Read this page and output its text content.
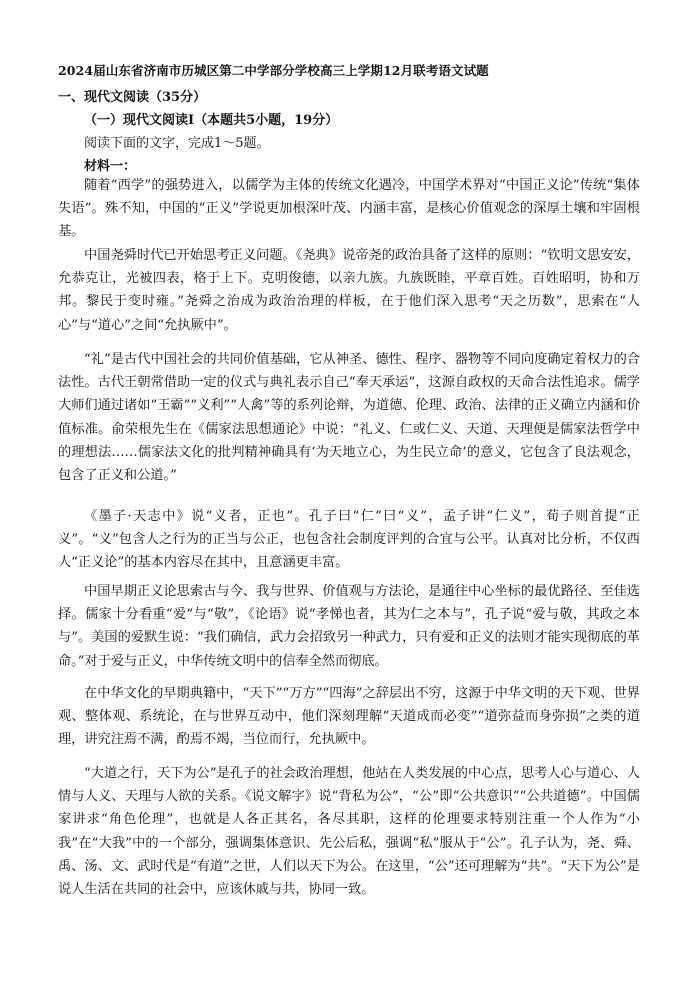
2024届山东省济南市历城区第二中学部分学校高三上学期12月联考语文试题
一、现代文阅读（35分）
（一）现代文阅读Ⅰ（本题共5小题，19分）
阅读下面的文字，完成1～5题。
材料一：

随着“西学”的强势进入，以儒学为主体的传统文化遇冷，中国学术界对“中国正义论”传统“集体失语”。殊不知，中国的“正义”学说更加根深叶茂、内涵丰富，是核心价值观念的深厚土壤和牢固根基。

中国尧舜时代已开始思考正义问题。《尧典》说帝尧的政治具备了这样的原则：“钦明文思安安，允恭克让，光被四表，格于上下。克明俊德，以亲九族。九族既睦，平章百姓。百姓昭明，协和万邦。黎民于变时雍。”尧舜之治成为政治治理的样板，在于他们深入思考“天之历数”，思索在“人心”与“道心”之间“允执厥中”。

“礼”是古代中国社会的共同价值基础，它从神圣、德性、程序、器物等不同向度确定着权力的合法性。古代王朝常借助一定的仪式与典礼表示自己“奉天承运”，这源自政权的天命合法性追求。儒学大师们通过诸如“王霸”“义利”“人禽”等的系列论辩，为道德、伦理、政治、法律的正义确立内涵和价值标准。俞荣根先生在《儒家法思想通论》中说：“礼义、仁或仁义、天道、天理便是儒家法哲学中的理想法……儒家法文化的批判精神确具有‘为天地立心，为生民立命’的意义，它包含了良法观念，包含了正义和公道。”

《墨子·天志中》说“义者，正也”。孔子曰“仁”曰“义”，孟子讲“仁义”，荀子则首提“正义”。“义”包含人之行为的正当与公正，也包含社会制度评判的合宜与公平。认真对比分析，不仅西人“正义论”的基本内容尽在其中，且意涵更丰富。

中国早期正义论思索古与今、我与世界、价值观与方法论，是通往中心坐标的最优路径、至佳选择。儒家十分看重“爱”与“敬”，《论语》说“孝悌也者，其为仁之本与”，孔子说“爱与敬，其政之本与”。美国的爱默生说：“我们确信，武力会招致另一种武力，只有爱和正义的法则才能实现彻底的革命。”对于爱与正义，中华传统文明中的信奉全然而彻底。

在中华文化的早期典籍中，“天下”“万方”“四海”之辞层出不穷，这源于中华文明的天下观、世界观、整体观、系统论，在与世界互动中，他们深刻理解“天道成而必变”“道弥益而身弥损”之类的道理，讲究注焉不满，酌焉不竭，当位而行，允执厥中。

“大道之行，天下为公”是孔子的社会政治理想，他站在人类发展的中心点，思考人心与道心、人情与人义、天理与人欲的关系。《说文解字》说“背私为公”，“公”即“公共意识”“公共道德”。中国儒家讲求“角色伦理”，也就是人各正其名，各尽其职，这样的伦理要求特别注重一个人作为“小我”在“大我”中的一个部分，强调集体意识、先公后私，强调“私”服从于“公”。孔子认为，尧、舜、禹、汤、文、武时代是“有道”之世，人们以天下为公。在这里，“公”还可理解为“共”。“天下为公”是说人生活在共同的社会中，应该休戚与共，协同一致。
